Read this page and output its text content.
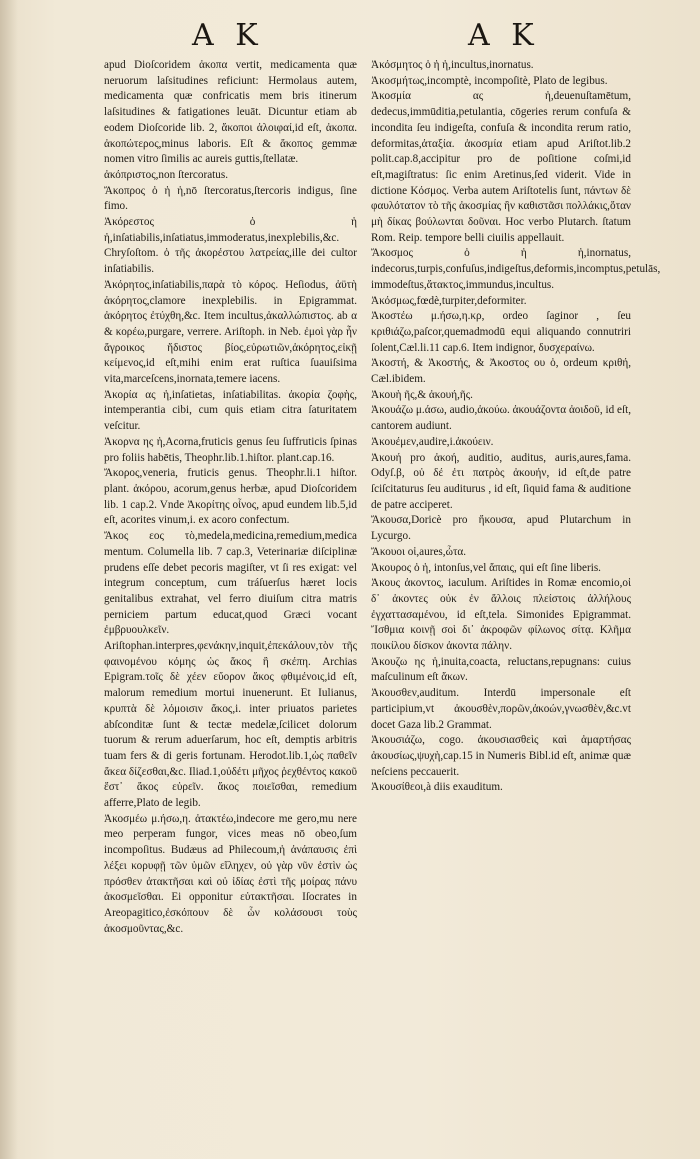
A K	A K

apud Dioſcoridem ἀκοπα vertit, medicamenta quæ neruorum laſsitudines reficiunt: Hermolaus autem, medicamenta quæ confricatis mem bris itinerum laſsitudines & fatigationes leuāt. Dicuntur etiam ab eodem Dioſcoride lib. 2, ἄκοποι ἀλοιφαί,id eſt, ἀκοπα. ἀκοπώτερος,minus laboris. Eſt & ἄκοπος gemmæ nomen vitro ſimilis ac aureis guttis,ſtellatæ.

ἀκόπριστος,non ſtercoratus.

Ἄκοπρος ὁ ἡ ἡ,nō ſtercoratus,ſtercoris indigus, ſine fimo.

Ἀκόρεστος ὁ ἡ ἡ,inſatiabilis,inſatiatus,immoderatus,inexplebilis,&c. Chryſoſtom. ὁ τῆς ἀκορέστου λατρείας,ille dei cultor inſatiabilis.

Ἀκόρητος,inſatiabilis,παρὰ τὸ κόρος. Heſiodus, ἀϋτὴ ἀκόρητος,clamore inexplebilis. in Epigrammat. ἀκόρητος ἐτύχθη,&c. Item incultus,ἀκαλλώπιστος. ab α & κορέω,purgare, verrere. Ariſtoph. in Neb. ἐμοὶ γὰρ ἦν ἄγροικος ἥδιστος βίος,εὐρωτιῶν,ἀκόρητος,εἰκῇ κείμενος,id eſt,mihi enim erat ruſtica ſuauiſsima vita,marceſcens,inornata,temere iacens.

Ἀκορία ας ἡ,inſatietas, inſatiabilitas. ἀκορία ζοφὴς, intemperantia cibi, cum quis etiam citra ſaturitatem veſcitur.

Ἀκορνα ης ἡ,Acorna,fruticis genus ſeu ſuffruticis ſpinas pro foliis habētis, Theophr.lib.1.hiſtor. plant.cap.16.

Ἄκορος,veneria, fruticis genus. Theophr.li.1 hiſtor. plant. ἀκόρου, acorum,genus herbæ, apud Dioſcoridem lib. 1 cap.2. Vnde Ἀκορίτης οἶνος, apud eundem lib.5,id eſt, acorites vinum,i. ex acoro confectum.

Ἄκος εος τὸ,medela,medicina,remedium,medica mentum. Columella lib. 7 cap.3, Veterinariæ diſciplinæ prudens eſſe debet pecoris magiſter, vt ſi res exigat: vel integrum conceptum, cum tráſuerſus hæret locis genitalibus extrahat, vel ferro diuiſum citra matris perniciem partum educat,quod Græci vocant ἐμβρυουλκεῖν. Ariſtophan.interpres,φενάκην,inquit,ἐπεκάλουν,τὸν τῆς φαινομένου κόμης ὡς ἄκος ἢ σκέπη. Archias Epigram.τοῖς δὲ χέεν εὔορον ἄκος φθιμένοις,id eſt, malorum remedium mortui inuenerunt. Et Iulianus, κρυπτὰ δὲ λόμοισιν ἄκος,i. inter priuatos parietes abſconditæ ſunt & tectæ medelæ,ſcilicet dolorum tuorum & rerum aduerſarum, hoc eſt, demptis arbitris tuam fers & di geris fortunam. Herodot.lib.1,ὡς παθεῖν ἄκεα δίζεσθαι,&c. Iliad.1,οὐδέτι μῆχος ῥεχθέντος κακοῦ ἔστ᾽ ἄκος εὑρεῖν. ἄκος ποιεῖσθαι, remedium afferre,Plato de legib.

Ἀκοσμέω μ.ήσω,η. ἀτακτέω,indecore me gero,mu nere meo perperam fungor, vices meas nō obeo,ſum incompoſitus. Budæus ad Philecoum,ἡ ἀνάπαυσις ἐπὶ λέξει κορυφῇ τῶν ὑμῶν εἴληχεν, οὐ γὰρ νῦν ἐστὶν ὡς πρόσθεν ἀτακτῆσαι καὶ οὐ ἰδίας ἐστὶ τῆς μοίρας πάνυ ἀκοσμεῖσθαι. Ei opponitur εὐτακτῆσαι. Iſocrates in Areopagitico,ἐσκόπουν δὲ ὧν κολάσουσι τοὺς ἀκοσμοῦντας,&c.

Ἀκόσμητος ὁ ἡ ἡ,incultus,inornatus.

Ἀκοσμήτως,incomptè, incompoſitè, Plato de legibus.

Ἀκοσμία ας ἡ,deuenuſtamētum, dedecus,immūditia,petulantia, cōgeries rerum confuſa & incondita ſeu indigeſta, confuſa & incondita rerum ratio, deformitas,ἀταξία. ἀκοσμία etiam apud Ariſtot.lib.2 polit.cap.8,accipitur pro de poſitione coſmi,id eſt,magiſtratus: ſic enim Aretinus,ſed viderit. Vide in dictione Κόσμος. Verba autem Ariſtotelis ſunt, πάντων δὲ φαυλότατον τὸ τῆς ἀκοσμίας ἣν καθιστᾶσι πολλάκις,ὅταν μὴ δίκας βούλωνται δοῦναι. Hoc verbo Plutarch. ſtatum Rom. Reip. tempore belli ciuilis appellauit.

Ἄκοσμος ὁ ἡ ἡ,inornatus, indecorus,turpis,confuſus,indigeſtus,deformis,incomptus,petulās, immodeſtus,ἄτακτος,immundus,incultus.

Ἀκόσμως,fœdè,turpiter,deformiter.

Ἀκοστέω μ.ήσω,η.κρ, ordeo ſaginor , ſeu κριθιάζω,paſcor,quemadmodū equi aliquando connutriri ſolent,Cæl.li.11 cap.6. Item indignor, δυσχεραίνω.

Ἀκοστή, & Ἀκοστής, & Ἀκοστος ου ὁ, ordeum κριθή, Cæl.ibidem.

Ἀκουὴ ῆς,& ἀκουή,ῆς.

Ἀκουάζω μ.άσω, audio,ἀκούω. ἀκουάζοντα ἀοιδοῦ, id eſt, cantorem audiunt.

Ἀκουέμεν,audire,i.ἀκούειν.

Ἀκουή pro ἀκοή, auditio, auditus, auris,aures,fama. Odyſ.β, οὐ δέ ἐτι πατρὸς ἀκουήν, id eſt,de patre ſciſcitaturus ſeu auditurus , id eſt, ſiquid fama & auditione de patre acciperet.

Ἄκουσα,Doricè pro ἤκουσα, apud Plutarchum in Lycurgo.

Ἄκουοι οἱ,aures,ὦτα.

Ἀκουρος ὁ ἡ, intonſus,vel ἄπαις, qui eſt ſine liberis.

Ἀκους ἀκοντος, iaculum. Ariſtides in Romæ encomio,οἱ δ᾽ ἀκοντες οὐκ ἐν ἄλλοις πλείστοις ἀλλήλους ἐγχαττασαμένου, id eſt,tela. Simonides Epigrammat. Ἴσθμια κοινῇ σοὶ δι᾽ ἀκροφῶν φίλωνος σίτᾳ. Κλῆμα ποικίλου δίσκον ἀκοντα πάλην.

Ἀκουζω ης ἡ,inuita,coacta, reluctans,repugnans: cuius maſculinum eſt ἄκων.

Ἀκουσθεν,auditum. Interdū impersonale eſt participium,vt ἀκουσθὲν,πορῶν,ἀκοών,γνωσθὲν,&c.vt docet Gaza lib.2 Grammat.

Ἀκουσιάζω, cogo. ἀκουσιασθεὶς καὶ ἁμαρτήσας ἀκουσίως,ψυχὴ,cap.15 in Numeris Bibl.id eſt, animæ quæ neſciens peccauerit.

Ἀκουσίθεοι,à diis exauditum.
